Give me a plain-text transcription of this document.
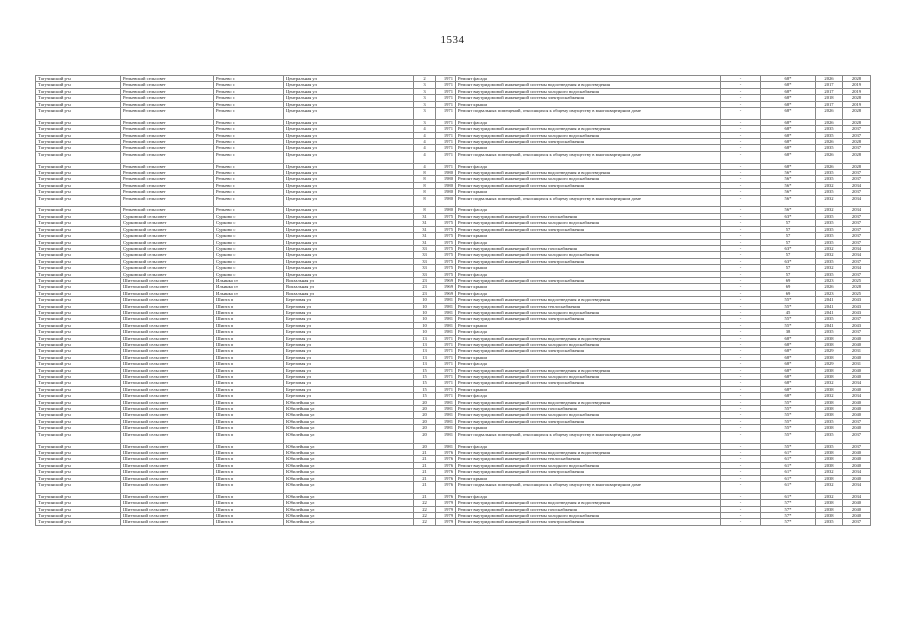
1534
Тагучинский р-н	Репьевский сельсовет	Репьево с	Центральная ул	2	1971	Ремонт фасада	-	68*	2026	2028
Тагучинский р-н	Репьевский сельсовет	Репьево с	Центральная ул	3	1971	Ремонт внутридомовой инженерной системы водоотведения и водоотведения	-	68*	2017	2019
Тагучинский р-н	Репьевский сельсовет	Репьево с	Центральная ул	3	1971	Ремонт внутридомовой инженерной системы холодного водоснабжения	-	68*	2017	2019
Тагучинский р-н	Репьевский сельсовет	Репьево с	Центральная ул	3	1971	Ремонт внутридомовой инженерной системы электроснабжения	-	68*	2018	2028
Тагучинский р-н	Репьевский сельсовет	Репьево с	Центральная ул	3	1971	Ремонт крыши	-	68*	2017	2019
Тагучинский р-н	Репьевский сельсовет	Репьево с	Центральная ул	3	1971	Ремонт подвальных помещений, относящихся к общему имуществу в многоквартирном доме	-	68*	2026	2028
Тагучинский р-н	Репьевский сельсовет	Репьево с	Центральная ул	3	1971	Ремонт фасада	-	68*	2026	2028
Тагучинский р-н	Репьевский сельсовет	Репьево с	Центральная ул	4	1971	Ремонт внутридомовой инженерной системы водоотведения и водоотведения	-	68*	2035	2037
Тагучинский р-н	Репьевский сельсовет	Репьево с	Центральная ул	4	1971	Ремонт внутридомовой инженерной системы холодного водоснабжения	-	68*	2035	2037
Тагучинский р-н	Репьевский сельсовет	Репьево с	Центральная ул	4	1971	Ремонт внутридомовой инженерной системы электроснабжения	-	68*	2026	2028
Тагучинский р-н	Репьевский сельсовет	Репьево с	Центральная ул	4	1971	Ремонт крыши	-	68*	2035	2037
Тагучинский р-н	Репьевский сельсовет	Репьево с	Центральная ул	4	1971	Ремонт подвальных помещений, относящихся к общему имуществу в многоквартирном доме	-	68*	2026	2028
Тагучинский р-н	Репьевский сельсовет	Репьево с	Центральная ул	4	1971	Ремонт фасада	-	68*	2026	2028
Тагучинский р-н	Репьевский сельсовет	Репьево с	Центральная ул	8	1980	Ремонт внутридомовой инженерной системы водоотведения и водоотведения	-	56*	2035	2037
Тагучинский р-н	Репьевский сельсовет	Репьево с	Центральная ул	8	1980	Ремонт внутридомовой инженерной системы холодного водоснабжения	-	56*	2035	2037
Тагучинский р-н	Репьевский сельсовет	Репьево с	Центральная ул	8	1980	Ремонт внутридомовой инженерной системы электроснабжения	-	56*	2032	2034
Тагучинский р-н	Репьевский сельсовет	Репьево с	Центральная ул	8	1980	Ремонт крыши	-	56*	2035	2037
Тагучинский р-н	Репьевский сельсовет	Репьево с	Центральная ул	8	1980	Ремонт подвальных помещений, относящихся к общему имуществу в многоквартирном доме	-	56*	2032	2034
Тагучинский р-н	Репьевский сельсовет	Репьево с	Центральная ул	8	1980	Ремонт фасада	-	56*	2032	2034
Тагучинский р-н	Сурковский сельсовет	Сурково с	Центральная ул	31	1975	Ремонт внутридомовой инженерной системы газоснабжения	-	63*	2035	2037
Тагучинский р-н	Сурковский сельсовет	Сурково с	Центральная ул	31	1975	Ремонт внутридомовой инженерной системы холодного водоснабжения	-	57	2035	2037
Тагучинский р-н	Сурковский сельсовет	Сурково с	Центральная ул	31	1975	Ремонт внутридомовой инженерной системы электроснабжения	-	57	2035	2037
Тагучинский р-н	Сурковский сельсовет	Сурково с	Центральная ул	31	1975	Ремонт крыши	-	57	2035	2037
Тагучинский р-н	Сурковский сельсовет	Сурково с	Центральная ул	31	1975	Ремонт фасада	-	57	2035	2037
Тагучинский р-н	Сурковский сельсовет	Сурково с	Центральная ул	33	1975	Ремонт внутридомовой инженерной системы газоснабжения	-	63*	2032	2034
Тагучинский р-н	Сурковский сельсовет	Сурково с	Центральная ул	33	1975	Ремонт внутридомовой инженерной системы холодного водоснабжения	-	57	2032	2034
Тагучинский р-н	Сурковский сельсовет	Сурково с	Центральная ул	33	1975	Ремонт внутридомовой инженерной системы электроснабжения	-	63*	2035	2037
Тагучинский р-н	Сурковский сельсовет	Сурково с	Центральная ул	33	1975	Ремонт крыши	-	57	2032	2034
Тагучинский р-н	Сурковский сельсовет	Сурково с	Центральная ул	33	1975	Ремонт фасада	-	57	2035	2037
Тагучинский р-н	Шиттонский сельсовет	Ильинка ст	Вокзальная ул	23	1969	Ремонт внутридомовой инженерной системы электроснабжения	-	69	2023	2025
Тагучинский р-н	Шиттонский сельсовет	Ильинка ст	Вокзальная ул	23	1969	Ремонт крыши	-	69	2026	2028
Тагучинский р-н	Шиттонский сельсовет	Ильинка ст	Вокзальная ул	23	1969	Ремонт фасада	-	69	2023	2025
Тагучинский р-н	Шиттонский сельсовет	Шипта п	Березовая ул	10	1981	Ремонт внутридомовой инженерной системы водоотведения и водоотведения	-	55*	2041	2043
Тагучинский р-н	Шиттонский сельсовет	Шипта п	Березовая ул	10	1981	Ремонт внутридомовой инженерной системы теплоснабжения	-	55*	2041	2043
Тагучинский р-н	Шиттонский сельсовет	Шипта п	Березовая ул	10	1981	Ремонт внутридомовой инженерной системы холодного водоснабжения	-	45	2041	2043
Тагучинский р-н	Шиттонский сельсовет	Шипта п	Березовая ул	10	1981	Ремонт внутридомовой инженерной системы электроснабжения	-	55*	2035	2037
Тагучинский р-н	Шиттонский сельсовет	Шипта п	Березовая ул	10	1981	Ремонт крыши	-	55*	2041	2043
Тагучинский р-н	Шиттонский сельсовет	Шипта п	Березовая ул	10	1981	Ремонт фасада	-	38	2035	2037
Тагучинский р-н	Шиттонский сельсовет	Шипта п	Березовая ул	13	1971	Ремонт внутридомовой инженерной системы водоотведения и водоотведения	-	68*	2038	2040
Тагучинский р-н	Шиттонский сельсовет	Шипта п	Березовая ул	13	1971	Ремонт внутридомовой инженерной системы холодного водоснабжения	-	68*	2038	2040
Тагучинский р-н	Шиттонский сельсовет	Шипта п	Березовая ул	13	1971	Ремонт внутридомовой инженерной системы электроснабжения	-	68*	2029	2031
Тагучинский р-н	Шиттонский сельсовет	Шипта п	Березовая ул	13	1971	Ремонт крыши	-	68*	2038	2040
Тагучинский р-н	Шиттонский сельсовет	Шипта п	Березовая ул	13	1971	Ремонт фасада	-	68*	2029	2031
Тагучинский р-н	Шиттонский сельсовет	Шипта п	Березовая ул	15	1971	Ремонт внутридомовой инженерной системы водоотведения и водоотведения	-	68*	2038	2040
Тагучинский р-н	Шиттонский сельсовет	Шипта п	Березовая ул	15	1971	Ремонт внутридомовой инженерной системы холодного водоснабжения	-	68*	2038	2040
Тагучинский р-н	Шиттонский сельсовет	Шипта п	Березовая ул	15	1971	Ремонт внутридомовой инженерной системы электроснабжения	-	68*	2032	2034
Тагучинский р-н	Шиттонский сельсовет	Шипта п	Березовая ул	15	1971	Ремонт крыши	-	68*	2038	2040
Тагучинский р-н	Шиттонский сельсовет	Шипта п	Березовая ул	15	1971	Ремонт фасада	-	68*	2032	2034
Тагучинский р-н	Шиттонский сельсовет	Шипта п	Юбилейная ул	20	1981	Ремонт внутридомовой инженерной системы водоотведения и водоотведения	-	55*	2038	2040
Тагучинский р-н	Шиттонский сельсовет	Шипта п	Юбилейная ул	20	1981	Ремонт внутридомовой инженерной системы газоснабжения	-	55*	2038	2040
Тагучинский р-н	Шиттонский сельсовет	Шипта п	Юбилейная ул	20	1981	Ремонт внутридомовой инженерной системы холодного водоснабжения	-	55*	2038	2040
Тагучинский р-н	Шиттонский сельсовет	Шипта п	Юбилейная ул	20	1981	Ремонт внутридомовой инженерной системы электроснабжения	-	55*	2035	2037
Тагучинский р-н	Шиттонский сельсовет	Шипта п	Юбилейная ул	20	1981	Ремонт крыши	-	55*	2038	2040
Тагучинский р-н	Шиттонский сельсовет	Шипта п	Юбилейная ул	20	1981	Ремонт подвальных помещений, относящихся к общему имуществу в многоквартирном доме	-	55*	2035	2037
Тагучинский р-н	Шиттонский сельсовет	Шипта п	Юбилейная ул	20	1981	Ремонт фасада	-	55*	2035	2037
Тагучинский р-н	Шиттонский сельсовет	Шипта п	Юбилейная ул	21	1976	Ремонт внутридомовой инженерной системы водоотведения и водоотведения	-	61*	2038	2040
Тагучинский р-н	Шиттонский сельсовет	Шипта п	Юбилейная ул	21	1976	Ремонт внутридомовой инженерной системы теплоснабжения	-	61*	2038	2040
Тагучинский р-н	Шиттонский сельсовет	Шипта п	Юбилейная ул	21	1976	Ремонт внутридомовой инженерной системы холодного водоснабжения	-	61*	2038	2040
Тагучинский р-н	Шиттонский сельсовет	Шипта п	Юбилейная ул	21	1976	Ремонт внутридомовой инженерной системы электроснабжения	-	61*	2032	2034
Тагучинский р-н	Шиттонский сельсовет	Шипта п	Юбилейная ул	21	1976	Ремонт крыши	-	61*	2038	2040
Тагучинский р-н	Шиттонский сельсовет	Шипта п	Юбилейная ул	21	1976	Ремонт подвальных помещений, относящихся к общему имуществу в многоквартирном доме	-	61*	2032	2034
Тагучинский р-н	Шиттонский сельсовет	Шипта п	Юбилейная ул	21	1976	Ремонт фасада	-	61*	2032	2034
Тагучинский р-н	Шиттонский сельсовет	Шипта п	Юбилейная ул	22	1979	Ремонт внутридомовой инженерной системы водоотведения и водоотведения	-	57*	2038	2040
Тагучинский р-н	Шиттонский сельсовет	Шипта п	Юбилейная ул	22	1979	Ремонт внутридомовой инженерной системы газоснабжения	-	57*	2038	2040
Тагучинский р-н	Шиттонский сельсовет	Шипта п	Юбилейная ул	22	1979	Ремонт внутридомовой инженерной системы холодного водоснабжения	-	57*	2038	2040
Тагучинский р-н	Шиттонский сельсовет	Шипта п	Юбилейная ул	22	1979	Ремонт внутридомовой инженерной системы электроснабжения	-	57*	2035	2037
